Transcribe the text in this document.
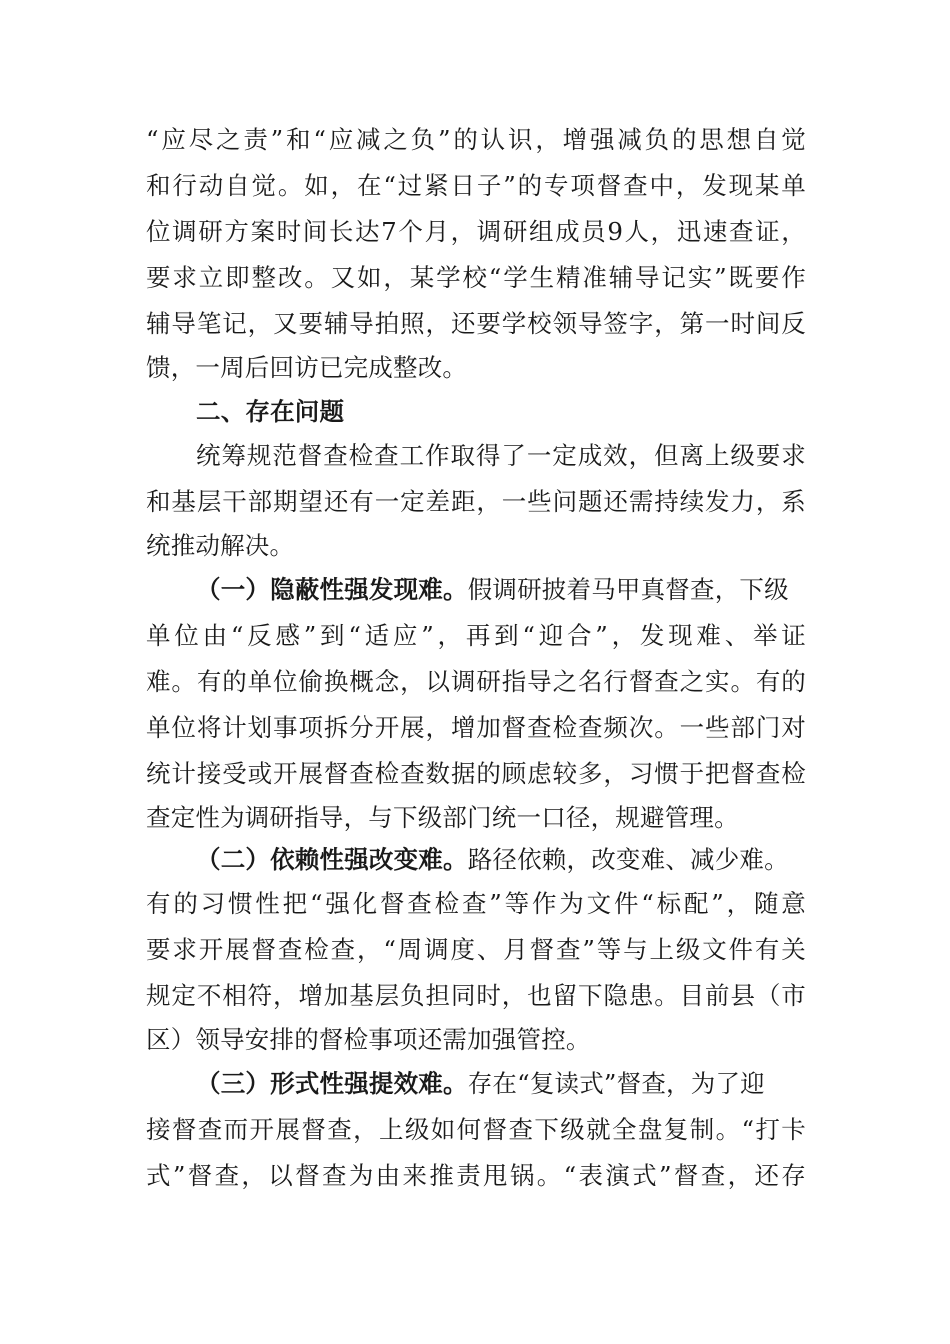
“应尽之责”和“应减之负”的认识，增强减负的思想自觉
和行动自觉。如，在“过紧日子”的专项督查中，发现某单
位调研方案时间长达7个月，调研组成员9人，迅速查证，
要求立即整改。又如，某学校“学生精准辅导记实”既要作
辅导笔记，又要辅导拍照，还要学校领导签字，第一时间反
馈，一周后回访已完成整改。
二、存在问题
统筹规范督查检查工作取得了一定成效，但离上级要求
和基层干部期望还有一定差距，一些问题还需持续发力，系
统推动解决。
（一）隐蔽性强发现难。假调研披着马甲真督查，下级
单位由“反感”到“适应”，再到“迎合”，发现难、举证
难。有的单位偷换概念，以调研指导之名行督查之实。有的
单位将计划事项拆分开展，增加督查检查频次。一些部门对
统计接受或开展督查检查数据的顾虑较多，习惯于把督查检
查定性为调研指导，与下级部门统一口径，规避管理。
（二）依赖性强改变难。路径依赖，改变难、减少难。
有的习惯性把“强化督查检查”等作为文件“标配”，随意
要求开展督查检查，“周调度、月督查”等与上级文件有关
规定不相符，增加基层负担同时，也留下隐患。目前县（市
区）领导安排的督检事项还需加强管控。
（三）形式性强提效难。存在“复读式”督查，为了迎
接督查而开展督查，上级如何督查下级就全盘复制。“打卡
式”督查，以督查为由来推责甩锅。“表演式”督查，还存
